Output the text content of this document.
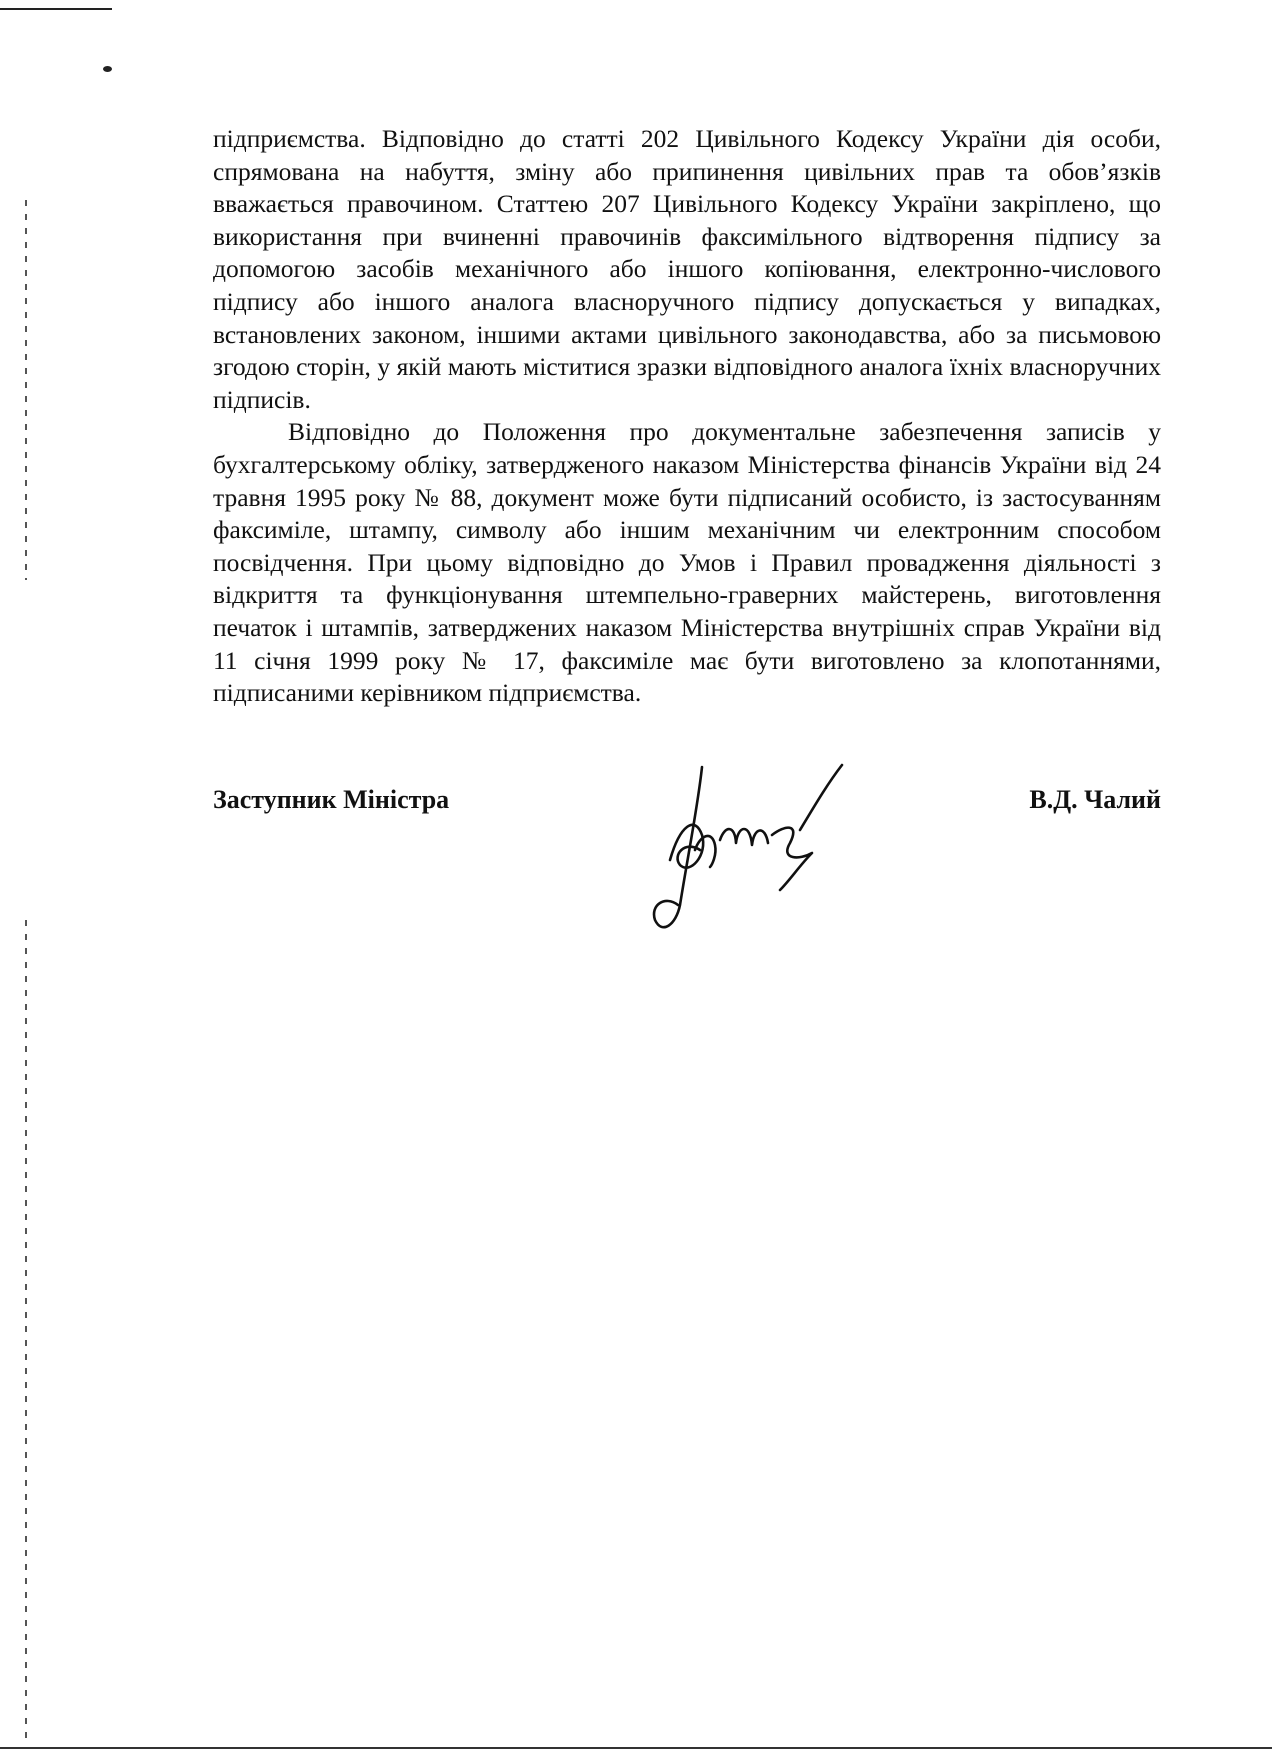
підприємства. Відповідно до статті 202 Цивільного Кодексу України дія особи, спрямована на набуття, зміну або припинення цивільних прав та обов’язків вважається правочином. Статтею 207 Цивільного Кодексу України закріплено, що використання при вчиненні правочинів факсимільного відтворення підпису за допомогою засобів механічного або іншого копіювання, електронно-числового підпису або іншого аналога власноручного підпису допускається у випадках, встановлених законом, іншими актами цивільного законодавства, або за письмовою згодою сторін, у якій мають міститися зразки відповідного аналога їхніх власноручних підписів.

Відповідно до Положення про документальне забезпечення записів у бухгалтерському обліку, затвердженого наказом Міністерства фінансів України від 24 травня 1995 року № 88, документ може бути підписаний особисто, із застосуванням факсиміле, штампу, символу або іншим механічним чи електронним способом посвідчення. При цьому відповідно до Умов і Правил провадження діяльності з відкриття та функціонування штемпельно-граверних майстерень, виготовлення печаток і штампів, затверджених наказом Міністерства внутрішніх справ України від 11 січня 1999 року № 17, факсиміле має бути виготовлено за клопотаннями, підписаними керівником підприємства.

Заступник Міністра	В.Д. Чалий
